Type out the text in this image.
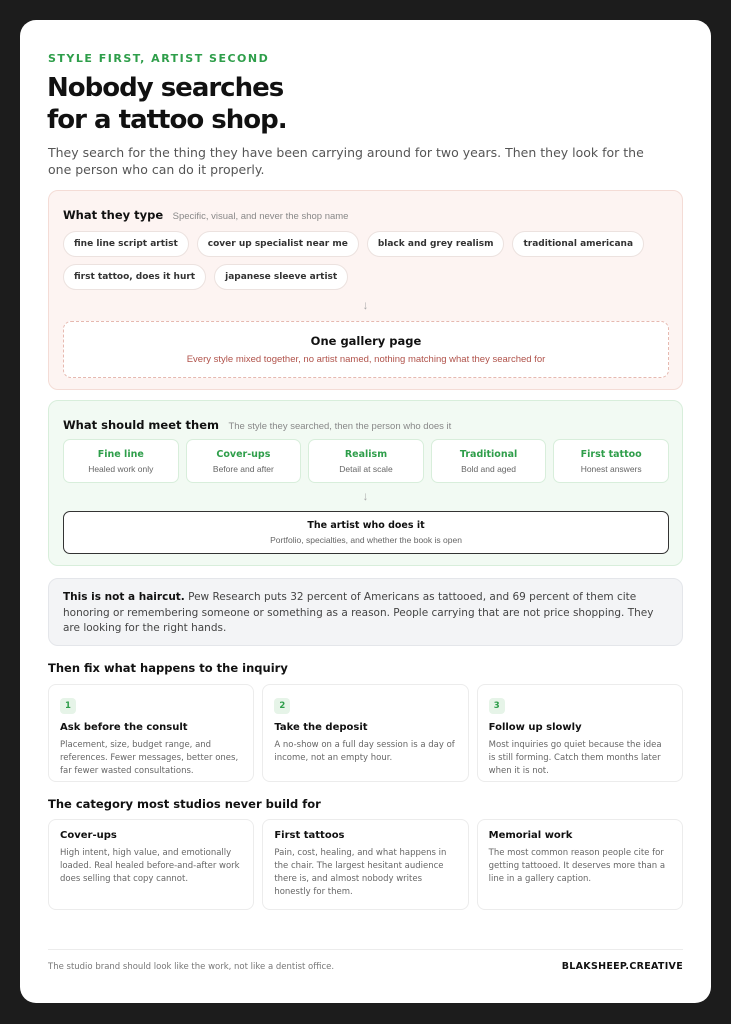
STYLE FIRST, ARTIST SECOND
Nobody searches
for a tattoo shop.
They search for the thing they have been carrying around for two years. Then they look for the one person who can do it properly.
What they type Specific, visual, and never the shop name
fine line script artist	cover up specialist near me	black and grey realism	traditional americana
first tattoo, does it hurt	japanese sleeve artist
↓
One gallery page
Every style mixed together, no artist named, nothing matching what they searched for
What should meet them The style they searched, then the person who does it
Fine line
Healed work only
Cover-ups
Before and after
Realism
Detail at scale
Traditional
Bold and aged
First tattoo
Honest answers
↓
The artist who does it
Portfolio, specialties, and whether the book is open
This is not a haircut. Pew Research puts 32 percent of Americans as tattooed, and 69 percent of them cite honoring or remembering someone or something as a reason. People carrying that are not price shopping. They are looking for the right hands.
Then fix what happens to the inquiry
1
Ask before the consult
Placement, size, budget range, and references. Fewer messages, better ones, far fewer wasted consultations.
2
Take the deposit
A no-show on a full day session is a day of income, not an empty hour.
3
Follow up slowly
Most inquiries go quiet because the idea is still forming. Catch them months later when it is not.
The category most studios never build for
Cover-ups
High intent, high value, and emotionally loaded. Real healed before-and-after work does selling that copy cannot.
First tattoos
Pain, cost, healing, and what happens in the chair. The largest hesitant audience there is, and almost nobody writes honestly for them.
Memorial work
The most common reason people cite for getting tattooed. It deserves more than a line in a gallery caption.
The studio brand should look like the work, not like a dentist office.	BLAKSHEEP.CREATIVE
